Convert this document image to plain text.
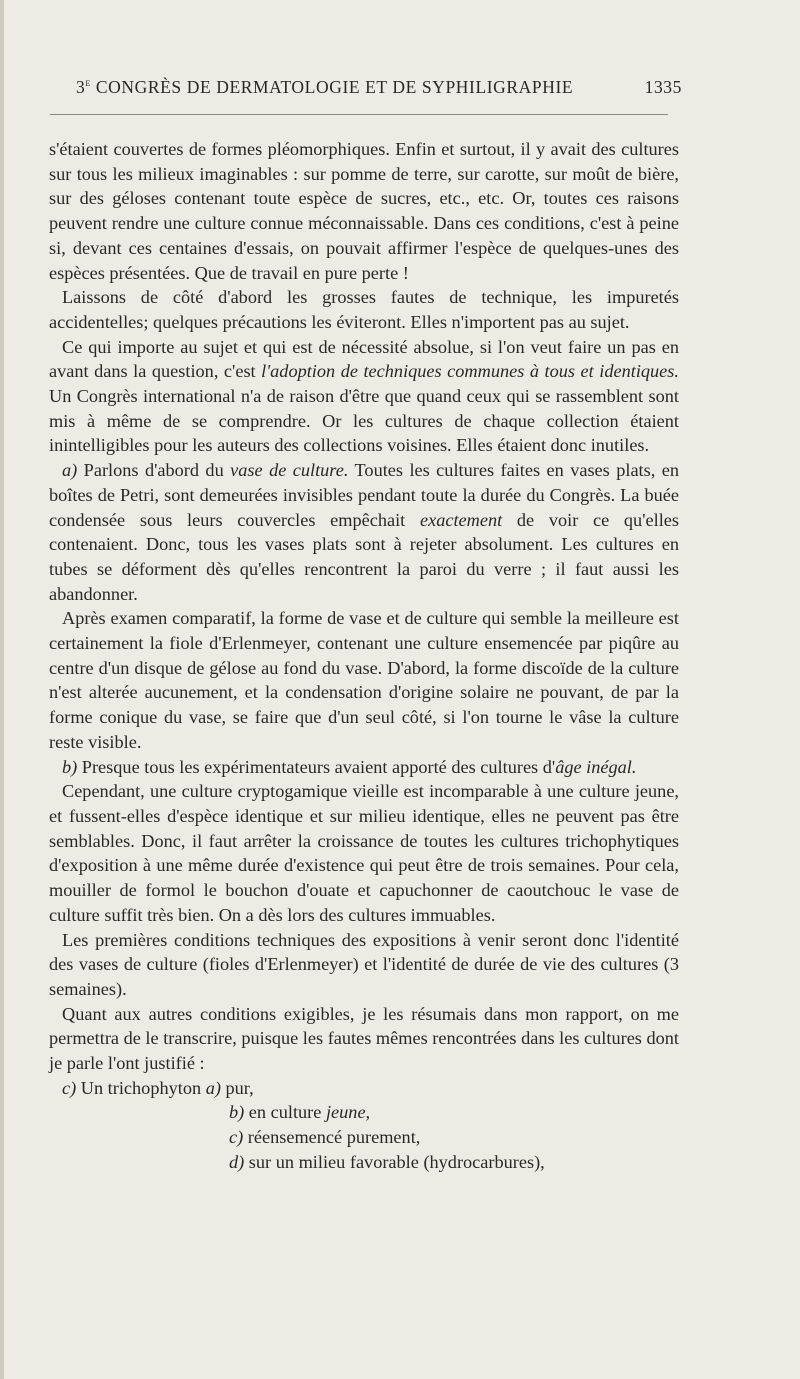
3e CONGRÈS DE DERMATOLOGIE ET DE SYPHILIGRAPHIE	1335

s'étaient couvertes de formes pléomorphiques. Enfin et surtout, il y avait des cultures sur tous les milieux imaginables : sur pomme de terre, sur carotte, sur moût de bière, sur des géloses contenant toute espèce de sucres, etc., etc. Or, toutes ces raisons peuvent rendre une culture connue méconnaissable. Dans ces conditions, c'est à peine si, devant ces centaines d'essais, on pouvait affirmer l'espèce de quelques-unes des espèces présentées. Que de travail en pure perte !

Laissons de côté d'abord les grosses fautes de technique, les impuretés accidentelles; quelques précautions les éviteront. Elles n'importent pas au sujet.

Ce qui importe au sujet et qui est de nécessité absolue, si l'on veut faire un pas en avant dans la question, c'est l'adoption de techniques communes à tous et identiques. Un Congrès international n'a de raison d'être que quand ceux qui se rassemblent sont mis à même de se comprendre. Or les cultures de chaque collection étaient inintelligibles pour les auteurs des collections voisines. Elles étaient donc inutiles.

a) Parlons d'abord du vase de culture. Toutes les cultures faites en vases plats, en boîtes de Petri, sont demeurées invisibles pendant toute la durée du Congrès. La buée condensée sous leurs couvercles empêchait exactement de voir ce qu'elles contenaient. Donc, tous les vases plats sont à rejeter absolument. Les cultures en tubes se déforment dès qu'elles rencontrent la paroi du verre ; il faut aussi les abandonner.

Après examen comparatif, la forme de vase et de culture qui semble la meilleure est certainement la fiole d'Erlenmeyer, contenant une culture ensemencée par piqûre au centre d'un disque de gélose au fond du vase. D'abord, la forme discoïde de la culture n'est alterée aucunement, et la condensation d'origine solaire ne pouvant, de par la forme conique du vase, se faire que d'un seul côté, si l'on tourne le vâse la culture reste visible.

b) Presque tous les expérimentateurs avaient apporté des cultures d'âge inégal.

Cependant, une culture cryptogamique vieille est incomparable à une culture jeune, et fussent-elles d'espèce identique et sur milieu identique, elles ne peuvent pas être semblables. Donc, il faut arrêter la croissance de toutes les cultures trichophytiques d'exposition à une même durée d'existence qui peut être de trois semaines. Pour cela, mouiller de formol le bouchon d'ouate et capuchonner de caoutchouc le vase de culture suffit très bien. On a dès lors des cultures immuables.

Les premières conditions techniques des expositions à venir seront donc l'identité des vases de culture (fioles d'Erlenmeyer) et l'identité de durée de vie des cultures (3 semaines).

Quant aux autres conditions exigibles, je les résumais dans mon rapport, on me permettra de le transcrire, puisque les fautes mêmes rencontrées dans les cultures dont je parle l'ont justifié :

c) Un trichophyton a) pur,
b) en culture jeune,
c) réensemencé purement,
d) sur un milieu favorable (hydrocarbures),
